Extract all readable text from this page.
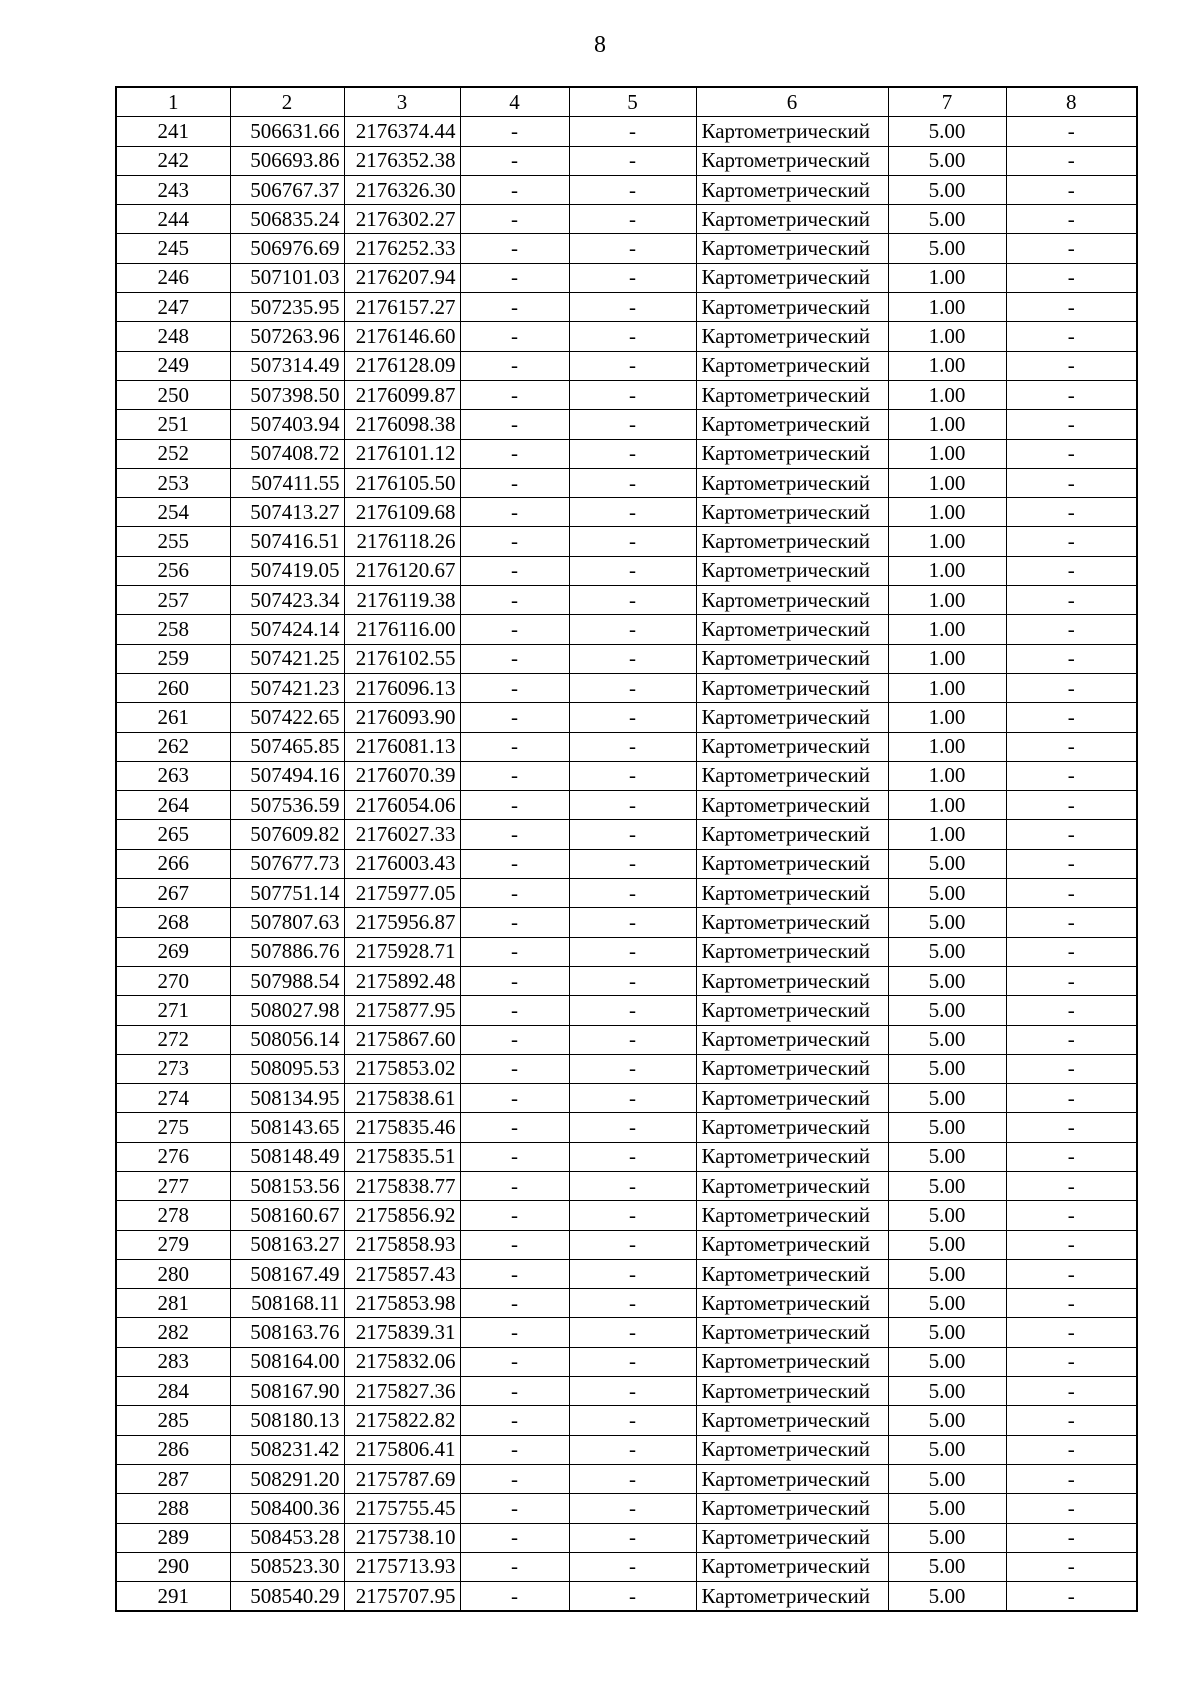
8
1	2	3	4	5	6	7	8
241	506631.66	2176374.44	-	-	Картометрический	5.00	-
242	506693.86	2176352.38	-	-	Картометрический	5.00	-
243	506767.37	2176326.30	-	-	Картометрический	5.00	-
244	506835.24	2176302.27	-	-	Картометрический	5.00	-
245	506976.69	2176252.33	-	-	Картометрический	5.00	-
246	507101.03	2176207.94	-	-	Картометрический	1.00	-
247	507235.95	2176157.27	-	-	Картометрический	1.00	-
248	507263.96	2176146.60	-	-	Картометрический	1.00	-
249	507314.49	2176128.09	-	-	Картометрический	1.00	-
250	507398.50	2176099.87	-	-	Картометрический	1.00	-
251	507403.94	2176098.38	-	-	Картометрический	1.00	-
252	507408.72	2176101.12	-	-	Картометрический	1.00	-
253	507411.55	2176105.50	-	-	Картометрический	1.00	-
254	507413.27	2176109.68	-	-	Картометрический	1.00	-
255	507416.51	2176118.26	-	-	Картометрический	1.00	-
256	507419.05	2176120.67	-	-	Картометрический	1.00	-
257	507423.34	2176119.38	-	-	Картометрический	1.00	-
258	507424.14	2176116.00	-	-	Картометрический	1.00	-
259	507421.25	2176102.55	-	-	Картометрический	1.00	-
260	507421.23	2176096.13	-	-	Картометрический	1.00	-
261	507422.65	2176093.90	-	-	Картометрический	1.00	-
262	507465.85	2176081.13	-	-	Картометрический	1.00	-
263	507494.16	2176070.39	-	-	Картометрический	1.00	-
264	507536.59	2176054.06	-	-	Картометрический	1.00	-
265	507609.82	2176027.33	-	-	Картометрический	1.00	-
266	507677.73	2176003.43	-	-	Картометрический	5.00	-
267	507751.14	2175977.05	-	-	Картометрический	5.00	-
268	507807.63	2175956.87	-	-	Картометрический	5.00	-
269	507886.76	2175928.71	-	-	Картометрический	5.00	-
270	507988.54	2175892.48	-	-	Картометрический	5.00	-
271	508027.98	2175877.95	-	-	Картометрический	5.00	-
272	508056.14	2175867.60	-	-	Картометрический	5.00	-
273	508095.53	2175853.02	-	-	Картометрический	5.00	-
274	508134.95	2175838.61	-	-	Картометрический	5.00	-
275	508143.65	2175835.46	-	-	Картометрический	5.00	-
276	508148.49	2175835.51	-	-	Картометрический	5.00	-
277	508153.56	2175838.77	-	-	Картометрический	5.00	-
278	508160.67	2175856.92	-	-	Картометрический	5.00	-
279	508163.27	2175858.93	-	-	Картометрический	5.00	-
280	508167.49	2175857.43	-	-	Картометрический	5.00	-
281	508168.11	2175853.98	-	-	Картометрический	5.00	-
282	508163.76	2175839.31	-	-	Картометрический	5.00	-
283	508164.00	2175832.06	-	-	Картометрический	5.00	-
284	508167.90	2175827.36	-	-	Картометрический	5.00	-
285	508180.13	2175822.82	-	-	Картометрический	5.00	-
286	508231.42	2175806.41	-	-	Картометрический	5.00	-
287	508291.20	2175787.69	-	-	Картометрический	5.00	-
288	508400.36	2175755.45	-	-	Картометрический	5.00	-
289	508453.28	2175738.10	-	-	Картометрический	5.00	-
290	508523.30	2175713.93	-	-	Картометрический	5.00	-
291	508540.29	2175707.95	-	-	Картометрический	5.00	-
